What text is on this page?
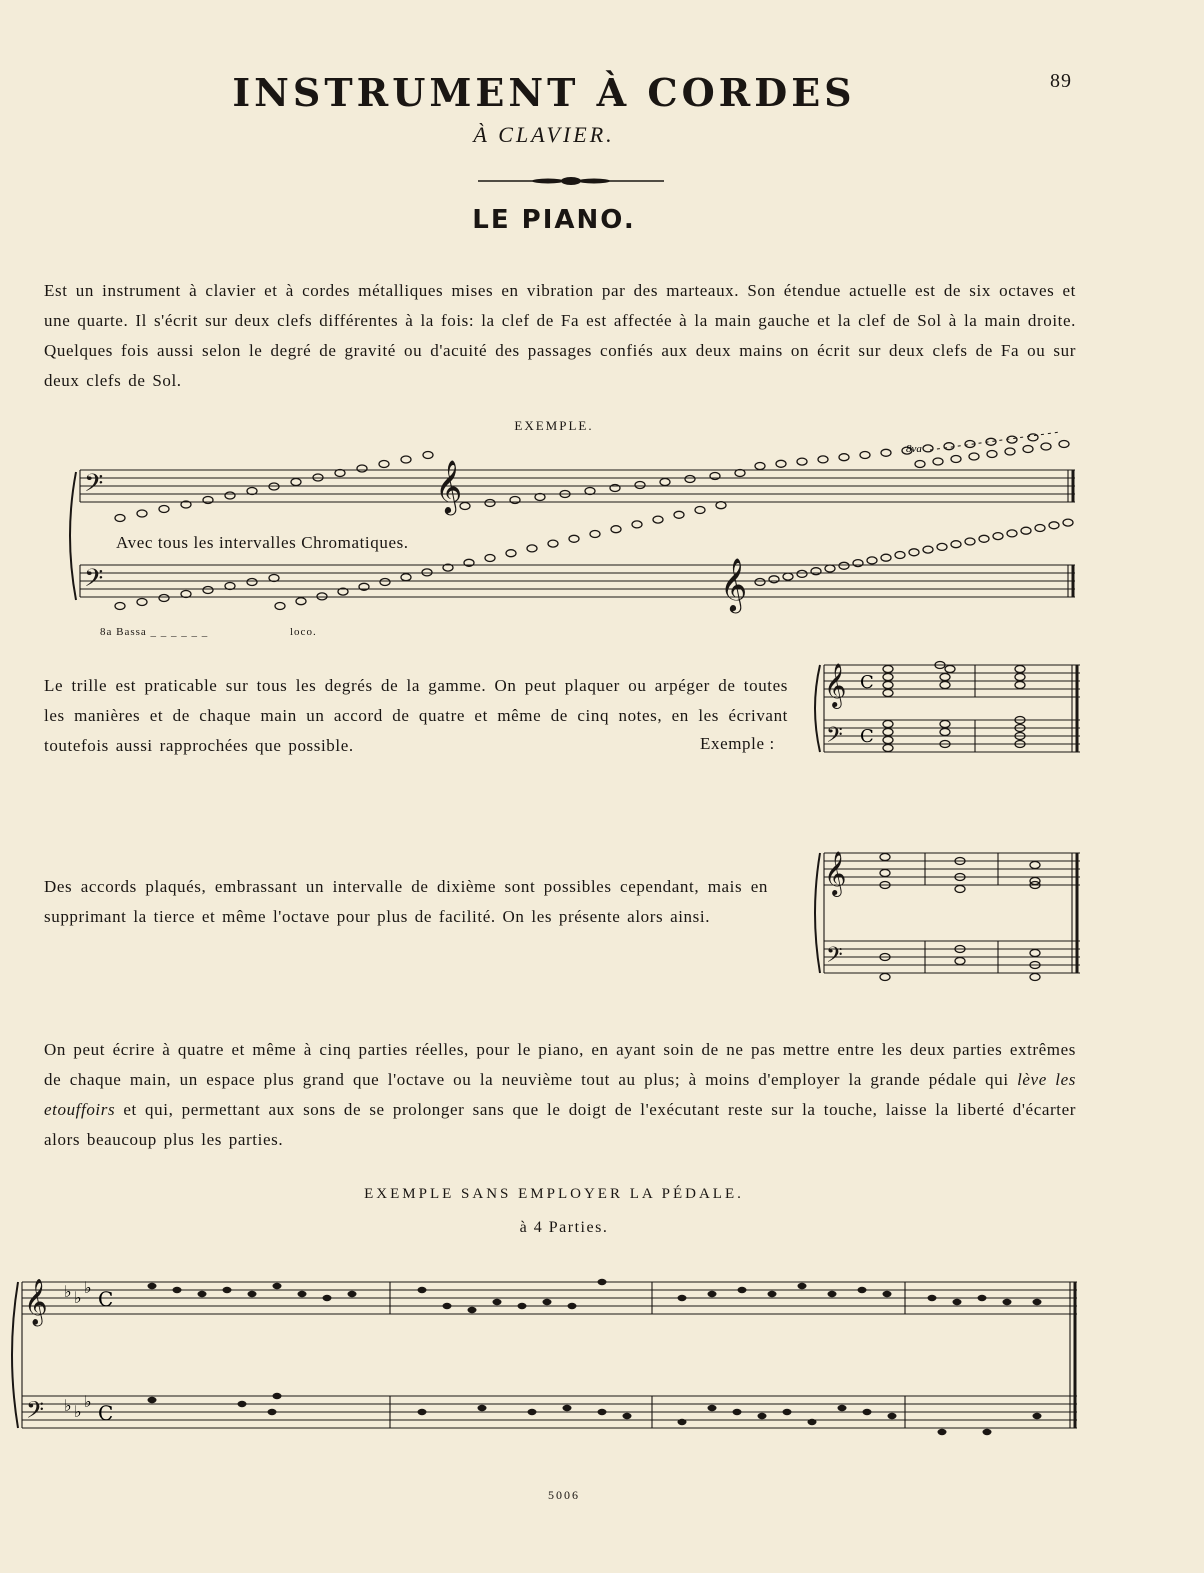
89
INSTRUMENT À CORDES
À CLAVIER.
LE PIANO.
Est un instrument à clavier et à cordes métalliques mises en vibration par des marteaux. Son étendue actuelle est de six octaves et une quarte. Il s'écrit sur deux clefs différentes à la fois: la clef de Fa est affectée à la main gauche et la clef de Sol à la main droite. Quelques fois aussi selon le degré de gravité ou d'acuité des passages confiés aux deux mains on écrit sur deux clefs de Fa ou sur deux clefs de Sol.
EXEMPLE.
𝄢	𝄞
𝄢	𝄞
8va
Avec tous les intervalles Chromatiques.
8a Bassa _ _ _ _ _ _	loco.
Le trille est praticable sur tous les degrés de la gamme. On peut plaquer ou arpéger de toutes les manières et de chaque main un accord de quatre et même de cinq notes, en les écrivant toutefois aussi rapprochées que possible.	Exemple :
𝄞
𝄢
C
C
Des accords plaqués, embrassant un intervalle de dixième sont possibles cependant, mais en supprimant la tierce et même l'octave pour plus de facilité. On les présente alors ainsi.
𝄞
𝄢
On peut écrire à quatre et même à cinq parties réelles, pour le piano, en ayant soin de ne pas mettre entre les deux parties extrêmes de chaque main, un espace plus grand que l'octave ou la neuvième tout au plus; à moins d'employer la grande pédale qui lève les etouffoirs et qui, permettant aux sons de se prolonger sans que le doigt de l'exécutant reste sur la touche, laisse la liberté d'écarter alors beaucoup plus les parties.
EXEMPLE SANS EMPLOYER LA PÉDALE.
à 4 Parties.
𝄞
𝄢
♭ ♭
♭
♭ ♭
♭
C
C
5006
